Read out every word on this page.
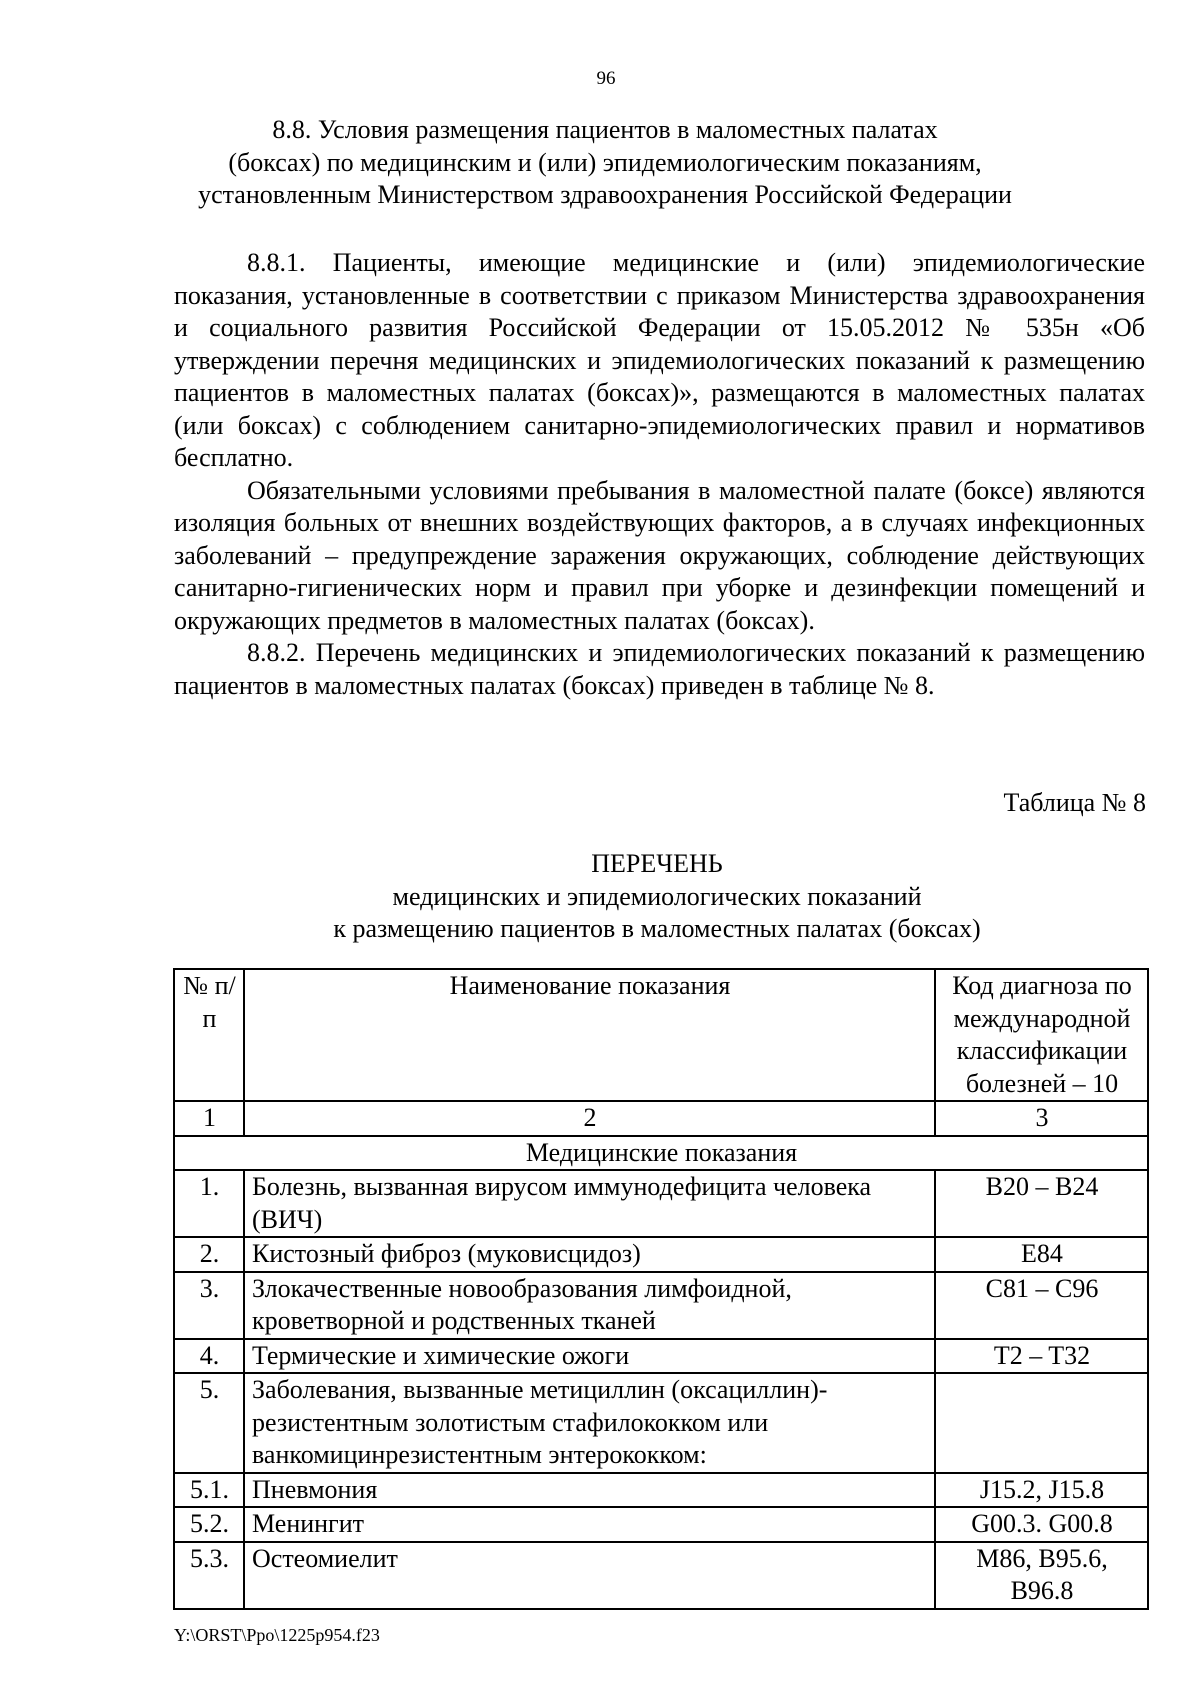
96
8.8. Условия размещения пациентов в маломестных палатах
(боксах) по медицинским и (или) эпидемиологическим показаниям,
установленным Министерством здравоохранения Российской Федерации

8.8.1. Пациенты, имеющие медицинские и (или) эпидемиологические показания, установленные в соответствии с приказом Министерства здравоохранения и социального развития Российской Федерации от 15.05.2012 № 535н «Об утверждении перечня медицинских и эпидемиологических показаний к размещению пациентов в маломестных палатах (боксах)», размещаются в маломестных палатах (или боксах) с соблюдением санитарно-эпидемиологических правил и нормативов бесплатно.

Обязательными условиями пребывания в маломестной палате (боксе) являются изоляция больных от внешних воздействующих факторов, а в случаях инфекционных заболеваний – предупреждение заражения окружающих, соблюдение действующих санитарно-гигиенических норм и правил при уборке и дезинфекции помещений и окружающих предметов в маломестных палатах (боксах).

8.8.2. Перечень медицинских и эпидемиологических показаний к размещению пациентов в маломестных палатах (боксах) приведен в таблице № 8.

Таблица № 8
ПЕРЕЧЕНЬ
медицинских и эпидемиологических показаний
к размещению пациентов в маломестных палатах (боксах)
№ п/п	Наименование показания	Код диагноза по международной классификации болезней – 10
1	2	3
Медицинские показания		
1.	Болезнь, вызванная вирусом иммунодефицита человека (ВИЧ)	B20 – B24
2.	Кистозный фиброз (муковисцидоз)	E84
3.	Злокачественные новообразования лимфоидной, кроветворной и родственных тканей	C81 – C96
4.	Термические и химические ожоги	T2 – T32
5.	Заболевания, вызванные метициллин (оксациллин)-резистентным золотистым стафилококком или ванкомицинрезистентным энтерококком:	
5.1.	Пневмония	J15.2, J15.8
5.2.	Менингит	G00.3. G00.8
5.3.	Остеомиелит	M86, B95.6, B96.8
Y:\ORST\Ppo\1225p954.f23
